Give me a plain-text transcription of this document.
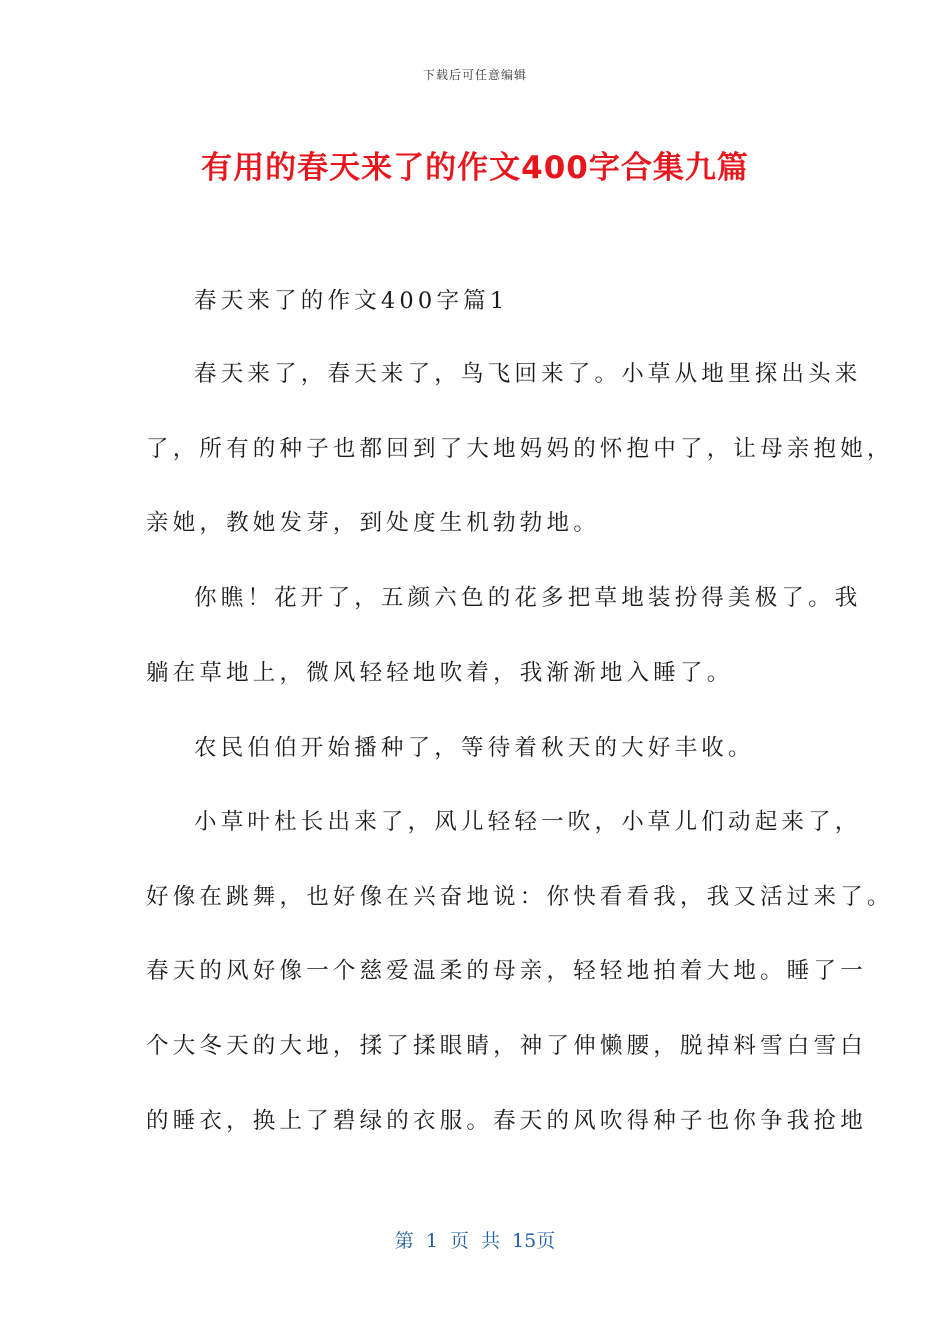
下载后可任意编辑
有用的春天来了的作文400字合集九篇
春天来了的作文400字篇1
春天来了，春天来了，鸟飞回来了。小草从地里探出头来
了，所有的种子也都回到了大地妈妈的怀抱中了，让母亲抱她，
亲她，教她发芽，到处度生机勃勃地。
你瞧！花开了，五颜六色的花多把草地装扮得美极了。我
躺在草地上，微风轻轻地吹着，我渐渐地入睡了。
农民伯伯开始播种了，等待着秋天的大好丰收。
小草叶杜长出来了，风儿轻轻一吹，小草儿们动起来了，
好像在跳舞，也好像在兴奋地说：你快看看我，我又活过来了。
春天的风好像一个慈爱温柔的母亲，轻轻地拍着大地。睡了一
个大冬天的大地，揉了揉眼睛，神了伸懒腰，脱掉料雪白雪白
的睡衣，换上了碧绿的衣服。春天的风吹得种子也你争我抢地
第 1 页 共 15页
